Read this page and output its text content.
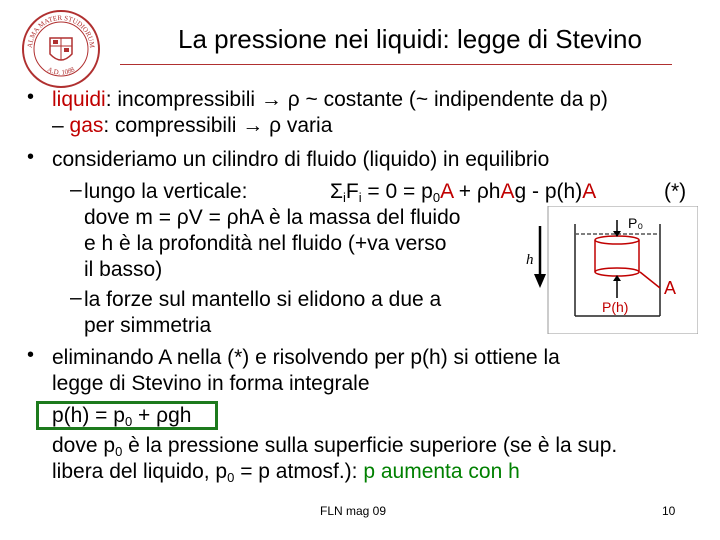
ALMA MATER STUDIORUM
A.D. 1088
La pressione nei liquidi: legge di Stevino
• liquidi: incompressibili → ρ ~ costante (~ indipendente da p)
– gas: compressibili → ρ varia
• consideriamo un cilindro di fluido (liquido) in equilibrio
– lungo la verticale:	$\Sigma_iF_i = 0 = p_0A + \rho hAg - p(h)A$	(*)
dove m = ρV = ρhA è la massa del fluido
e h è la profondità nel fluido (+va verso
il basso)
– la forze sul mantello si elidono a due a
per simmetria
• eliminando A nella (*) e risolvendo per p(h) si ottiene la
legge di Stevino in forma integrale
$p(h) = p_0 + \rho gh$
dove $p_0$ è la pressione sulla superficie superiore (se è la sup.
libera del liquido, $p_0 = p$ atmosf.): p aumenta con h
h
P₀
P(h)
A
FLN mag 09	10
